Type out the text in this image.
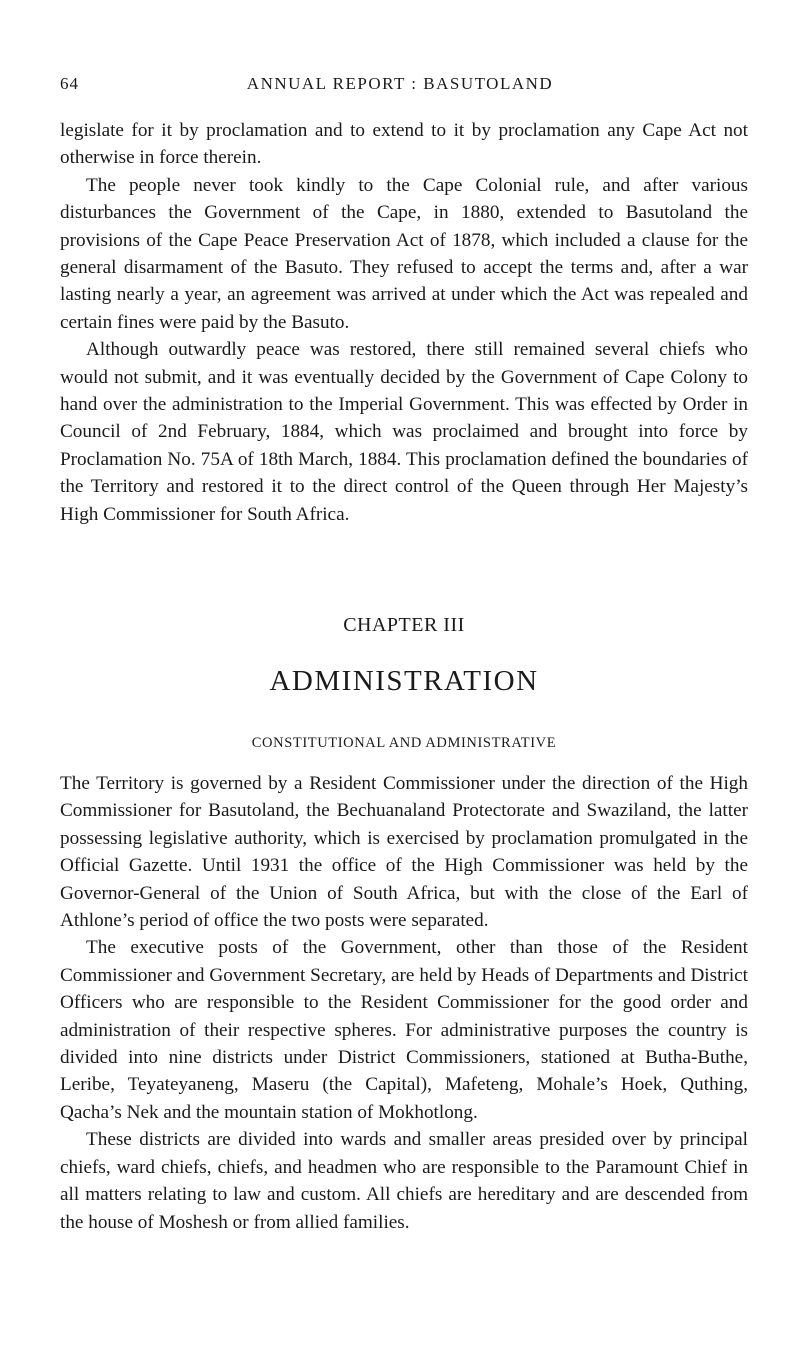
64	ANNUAL REPORT : BASUTOLAND

legislate for it by proclamation and to extend to it by proclamation any Cape Act not otherwise in force therein.

The people never took kindly to the Cape Colonial rule, and after various disturbances the Government of the Cape, in 1880, extended to Basutoland the provisions of the Cape Peace Preservation Act of 1878, which included a clause for the general disarmament of the Basuto. They refused to accept the terms and, after a war lasting nearly a year, an agreement was arrived at under which the Act was repealed and certain fines were paid by the Basuto.

Although outwardly peace was restored, there still remained several chiefs who would not submit, and it was eventually decided by the Government of Cape Colony to hand over the administration to the Imperial Government. This was effected by Order in Council of 2nd February, 1884, which was proclaimed and brought into force by Proclamation No. 75A of 18th March, 1884. This proclamation defined the boundaries of the Territory and restored it to the direct control of the Queen through Her Majesty’s High Commissioner for South Africa.

CHAPTER III
ADMINISTRATION
CONSTITUTIONAL AND ADMINISTRATIVE

The Territory is governed by a Resident Commissioner under the direction of the High Commissioner for Basutoland, the Bechuanaland Protectorate and Swaziland, the latter possessing legislative authority, which is exercised by proclamation promulgated in the Official Gazette. Until 1931 the office of the High Commissioner was held by the Governor-General of the Union of South Africa, but with the close of the Earl of Athlone’s period of office the two posts were separated.

The executive posts of the Government, other than those of the Resident Commissioner and Government Secretary, are held by Heads of Departments and District Officers who are responsible to the Resident Commissioner for the good order and administration of their respective spheres. For administrative purposes the country is divided into nine districts under District Commissioners, stationed at Butha-Buthe, Leribe, Teyateyaneng, Maseru (the Capital), Mafeteng, Mohale’s Hoek, Quthing, Qacha’s Nek and the mountain station of Mokhotlong.

These districts are divided into wards and smaller areas presided over by principal chiefs, ward chiefs, chiefs, and headmen who are responsible to the Paramount Chief in all matters relating to law and custom. All chiefs are hereditary and are descended from the house of Moshesh or from allied families.
